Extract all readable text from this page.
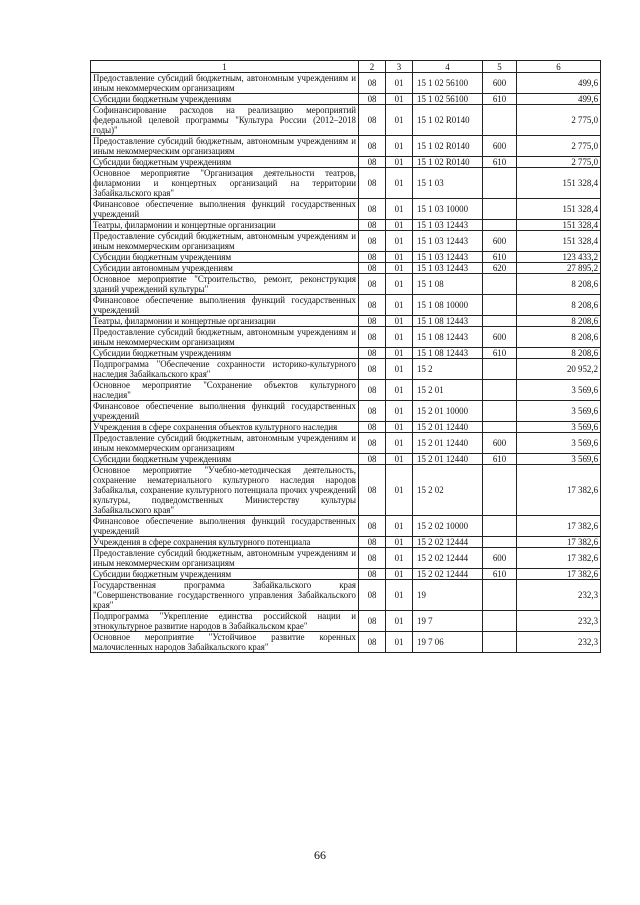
1	2	3	4	5	6
Предоставление субсидий бюджетным, автономным учреждениям и иным некоммерческим организациям	08	01	15 1 02 56100	600	499,6
Субсидии бюджетным учреждениям	08	01	15 1 02 56100	610	499,6
Софинансирование расходов на реализацию мероприятий федеральной целевой программы "Культура России (2012–2018 годы)"	08	01	15 1 02 R0140		2 775,0
Предоставление субсидий бюджетным, автономным учреждениям и иным некоммерческим организациям	08	01	15 1 02 R0140	600	2 775,0
Субсидии бюджетным учреждениям	08	01	15 1 02 R0140	610	2 775,0
Основное мероприятие "Организация деятельности театров, филармонии и концертных организаций на территории Забайкальского края"	08	01	15 1 03		151 328,4
Финансовое обеспечение выполнения функций государственных учреждений	08	01	15 1 03 10000		151 328,4
Театры, филармонии и концертные организации	08	01	15 1 03 12443		151 328,4
Предоставление субсидий бюджетным, автономным учреждениям и иным некоммерческим организациям	08	01	15 1 03 12443	600	151 328,4
Субсидии бюджетным учреждениям	08	01	15 1 03 12443	610	123 433,2
Субсидии автономным учреждениям	08	01	15 1 03 12443	620	27 895,2
Основное мероприятие "Строительство, ремонт, реконструкция зданий учреждений культуры"	08	01	15 1 08		8 208,6
Финансовое обеспечение выполнения функций государственных учреждений	08	01	15 1 08 10000		8 208,6
Театры, филармонии и концертные организации	08	01	15 1 08 12443		8 208,6
Предоставление субсидий бюджетным, автономным учреждениям и иным некоммерческим организациям	08	01	15 1 08 12443	600	8 208,6
Субсидии бюджетным учреждениям	08	01	15 1 08 12443	610	8 208,6
Подпрограмма "Обеспечение сохранности историко-культурного наследия Забайкальского края"	08	01	15 2		20 952,2
Основное мероприятие "Сохранение объектов культурного наследия"	08	01	15 2 01		3 569,6
Финансовое обеспечение выполнения функций государственных учреждений	08	01	15 2 01 10000		3 569,6
Учреждения в сфере сохранения объектов культурного наследия	08	01	15 2 01 12440		3 569,6
Предоставление субсидий бюджетным, автономным учреждениям и иным некоммерческим организациям	08	01	15 2 01 12440	600	3 569,6
Субсидии бюджетным учреждениям	08	01	15 2 01 12440	610	3 569,6
Основное мероприятие "Учебно-методическая деятельность, сохранение нематериального культурного наследия народов Забайкалья, сохранение культурного потенциала прочих учреждений культуры, подведомственных Министерству культуры Забайкальского края"	08	01	15 2 02		17 382,6
Финансовое обеспечение выполнения функций государственных учреждений	08	01	15 2 02 10000		17 382,6
Учреждения в сфере сохранения культурного потенциала	08	01	15 2 02 12444		17 382,6
Предоставление субсидий бюджетным, автономным учреждениям и иным некоммерческим организациям	08	01	15 2 02 12444	600	17 382,6
Субсидии бюджетным учреждениям	08	01	15 2 02 12444	610	17 382,6
Государственная программа Забайкальского края "Совершенствование государственного управления Забайкальского края"	08	01	19		232,3
Подпрограмма "Укрепление единства российской нации и этнокультурное развитие народов в Забайкальском крае"	08	01	19 7		232,3
Основное мероприятие "Устойчивое развитие коренных малочисленных народов Забайкальского края"	08	01	19 7 06		232,3
66
